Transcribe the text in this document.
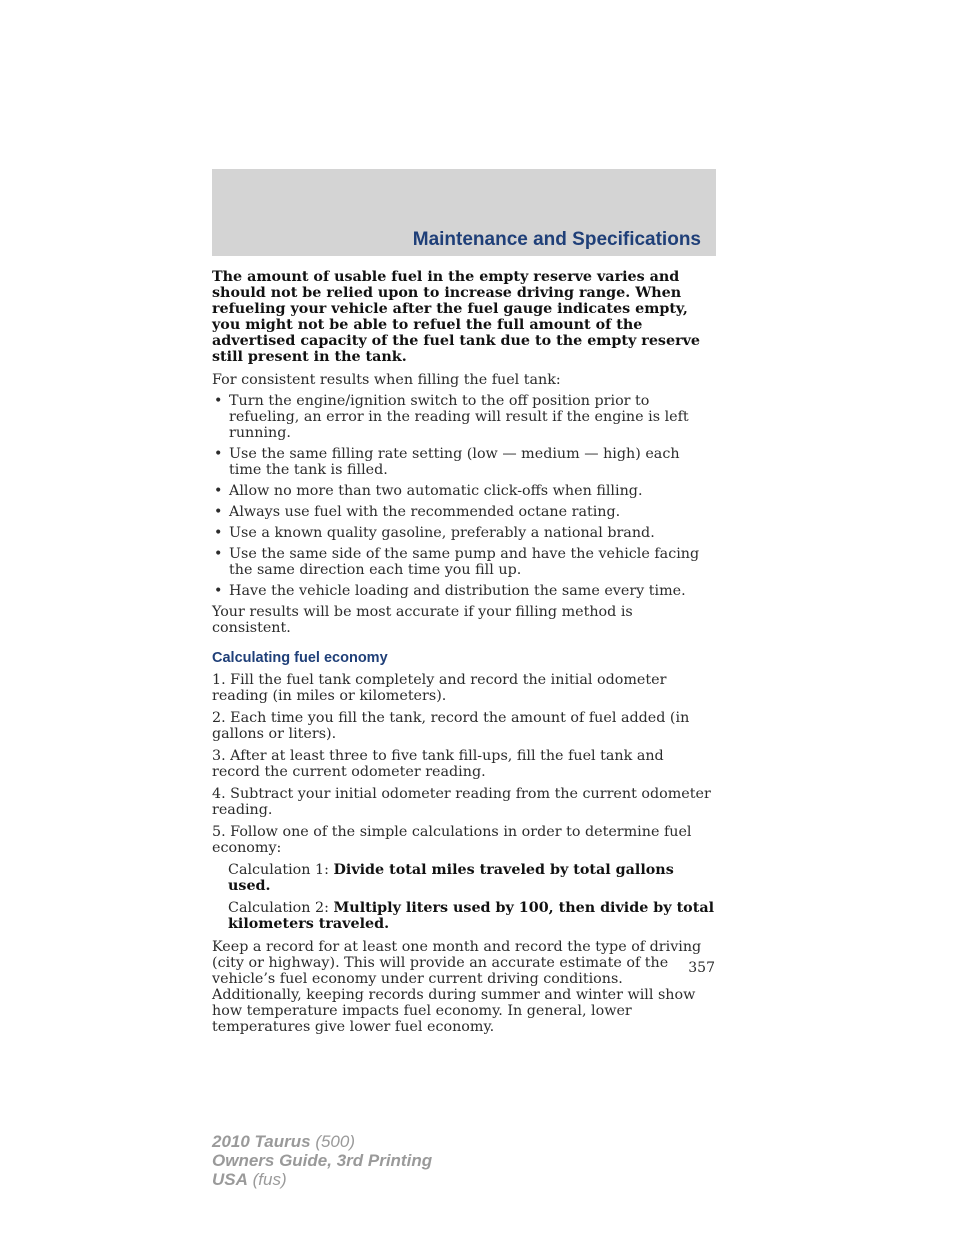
Maintenance and Specifications

The amount of usable fuel in the empty reserve varies and should not be relied upon to increase driving range. When refueling your vehicle after the fuel gauge indicates empty, you might not be able to refuel the full amount of the advertised capacity of the fuel tank due to the empty reserve still present in the tank.

For consistent results when filling the fuel tank:

• Turn the engine/ignition switch to the off position prior to refueling, an error in the reading will result if the engine is left running.
• Use the same filling rate setting (low — medium — high) each time the tank is filled.
• Allow no more than two automatic click-offs when filling.
• Always use fuel with the recommended octane rating.
• Use a known quality gasoline, preferably a national brand.
• Use the same side of the same pump and have the vehicle facing the same direction each time you fill up.
• Have the vehicle loading and distribution the same every time.

Your results will be most accurate if your filling method is consistent.

Calculating fuel economy

1. Fill the fuel tank completely and record the initial odometer reading (in miles or kilometers).

2. Each time you fill the tank, record the amount of fuel added (in gallons or liters).

3. After at least three to five tank fill-ups, fill the fuel tank and record the current odometer reading.

4. Subtract your initial odometer reading from the current odometer reading.

5. Follow one of the simple calculations in order to determine fuel economy:

Calculation 1: Divide total miles traveled by total gallons used.

Calculation 2: Multiply liters used by 100, then divide by total kilometers traveled.

Keep a record for at least one month and record the type of driving (city or highway). This will provide an accurate estimate of the vehicle’s fuel economy under current driving conditions. Additionally, keeping records during summer and winter will show how temperature impacts fuel economy. In general, lower temperatures give lower fuel economy.

357
2010 Taurus (500)
Owners Guide, 3rd Printing
USA (fus)
